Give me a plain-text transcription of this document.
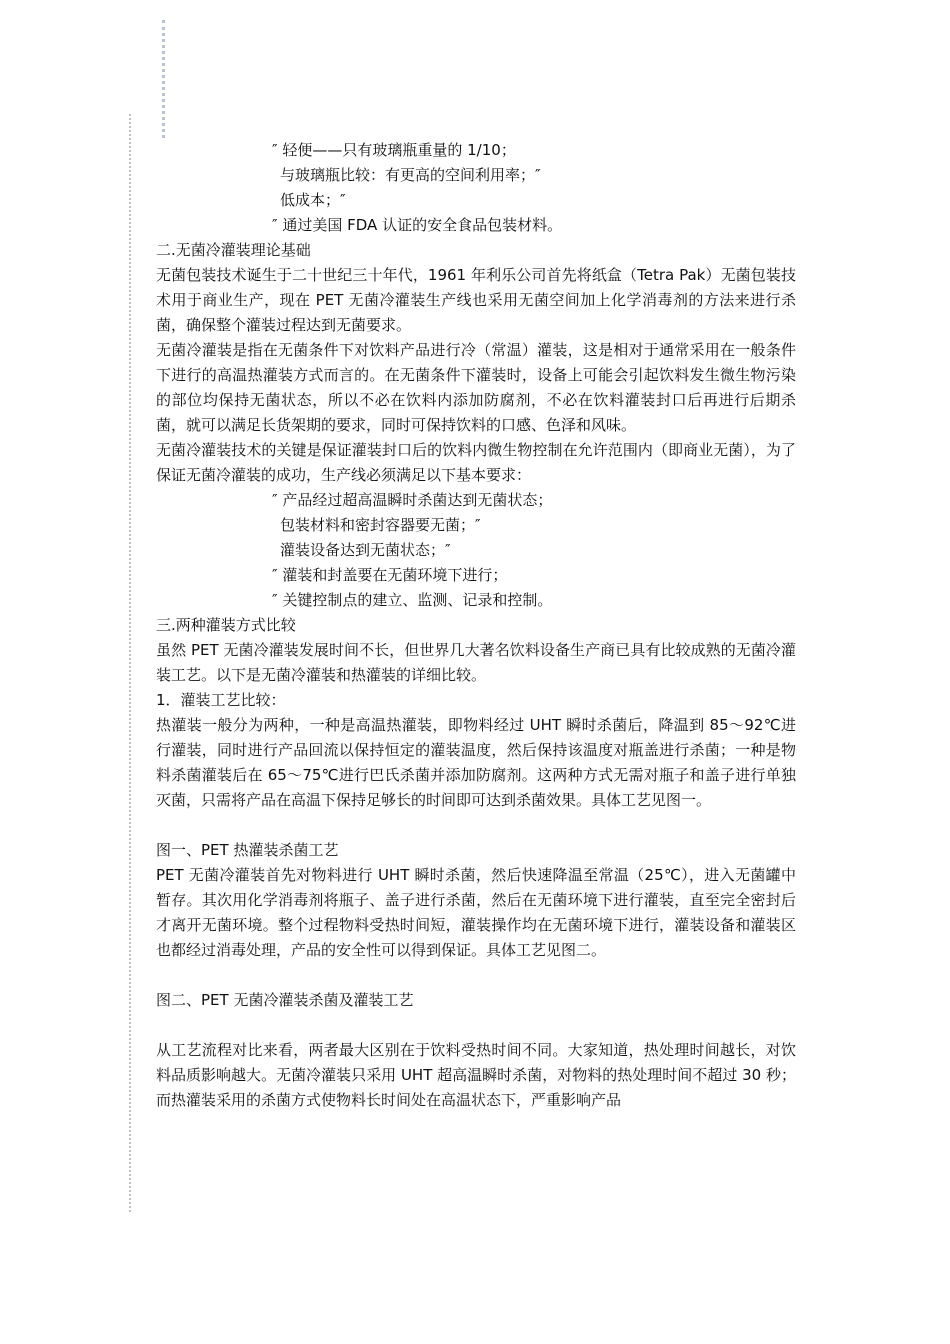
″ 轻便——只有玻璃瓶重量的 1/10；

与玻璃瓶比较：有更高的空间利用率；″

低成本；″

″ 通过美国 FDA 认证的安全食品包装材料。

二.无菌冷灌装理论基础

无菌包装技术诞生于二十世纪三十年代，1961 年利乐公司首先将纸盒（Tetra Pak）无菌包装技术用于商业生产，现在 PET 无菌冷灌装生产线也采用无菌空间加上化学消毒剂的方法来进行杀菌，确保整个灌装过程达到无菌要求。

无菌冷灌装是指在无菌条件下对饮料产品进行冷（常温）灌装，这是相对于通常采用在一般条件下进行的高温热灌装方式而言的。在无菌条件下灌装时，设备上可能会引起饮料发生微生物污染的部位均保持无菌状态，所以不必在饮料内添加防腐剂，不必在饮料灌装封口后再进行后期杀菌，就可以满足长货架期的要求，同时可保持饮料的口感、色泽和风味。

无菌冷灌装技术的关键是保证灌装封口后的饮料内微生物控制在允许范围内（即商业无菌），为了保证无菌冷灌装的成功，生产线必须满足以下基本要求：

″ 产品经过超高温瞬时杀菌达到无菌状态；

包装材料和密封容器要无菌；″

灌装设备达到无菌状态；″

″ 灌装和封盖要在无菌环境下进行；

″ 关键控制点的建立、监测、记录和控制。

三.两种灌装方式比较

虽然 PET 无菌冷灌装发展时间不长，但世界几大著名饮料设备生产商已具有比较成熟的无菌冷灌装工艺。以下是无菌冷灌装和热灌装的详细比较。

1．灌装工艺比较：

热灌装一般分为两种，一种是高温热灌装，即物料经过 UHT 瞬时杀菌后，降温到 85～92℃进行灌装，同时进行产品回流以保持恒定的灌装温度，然后保持该温度对瓶盖进行杀菌；一种是物料杀菌灌装后在 65～75℃进行巴氏杀菌并添加防腐剂。这两种方式无需对瓶子和盖子进行单独灭菌，只需将产品在高温下保持足够长的时间即可达到杀菌效果。具体工艺见图一。

图一、PET 热灌装杀菌工艺

PET 无菌冷灌装首先对物料进行 UHT 瞬时杀菌，然后快速降温至常温（25℃），进入无菌罐中暂存。其次用化学消毒剂将瓶子、盖子进行杀菌，然后在无菌环境下进行灌装，直至完全密封后才离开无菌环境。整个过程物料受热时间短，灌装操作均在无菌环境下进行，灌装设备和灌装区也都经过消毒处理，产品的安全性可以得到保证。具体工艺见图二。

图二、PET 无菌冷灌装杀菌及灌装工艺

从工艺流程对比来看，两者最大区别在于饮料受热时间不同。大家知道，热处理时间越长，对饮料品质影响越大。无菌冷灌装只采用 UHT 超高温瞬时杀菌，对物料的热处理时间不超过 30 秒；而热灌装采用的杀菌方式使物料长时间处在高温状态下，严重影响产品
